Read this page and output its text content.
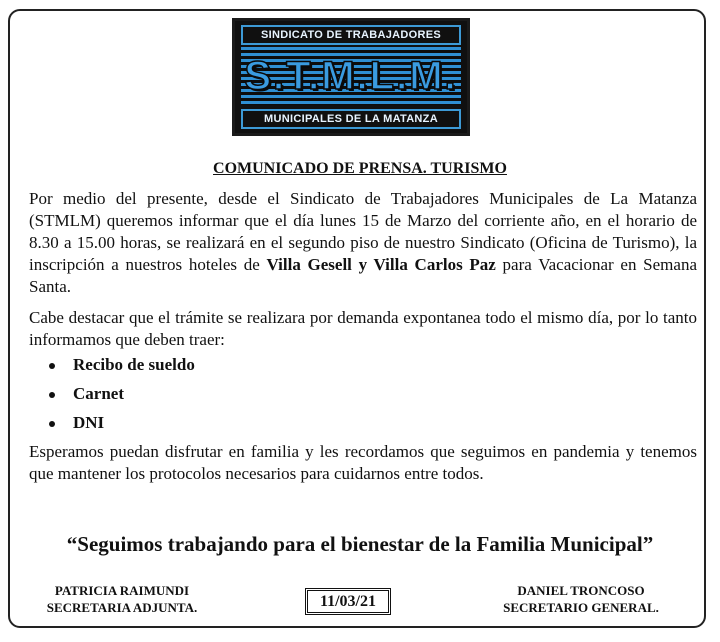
SINDICATO DE TRABAJADORES
S.T.M.L.M.
MUNICIPALES DE LA MATANZA
COMUNICADO DE PRENSA. TURISMO

Por medio del presente, desde el Sindicato de Trabajadores Municipales de La Matanza (STMLM) queremos informar que el día lunes 15 de Marzo del corriente año, en el horario de 8.30 a 15.00 horas, se realizará en el segundo piso de nuestro Sindicato (Oficina de Turismo), la inscripción a nuestros hoteles de Villa Gesell y Villa Carlos Paz para Vacacionar en Semana Santa.

Cabe destacar que el trámite se realizara por demanda expontanea todo el mismo día, por lo tanto informamos que deben traer:

Recibo de sueldo
Carnet
DNI

Esperamos puedan disfrutar en familia y les recordamos que seguimos en pandemia y tenemos que mantener los protocolos necesarios para cuidarnos entre todos.

“Seguimos trabajando para el bienestar de la Familia Municipal”

PATRICIA RAIMUNDI
SECRETARIA ADJUNTA.	11/03/21
DANIEL TRONCOSO
SECRETARIO GENERAL.
